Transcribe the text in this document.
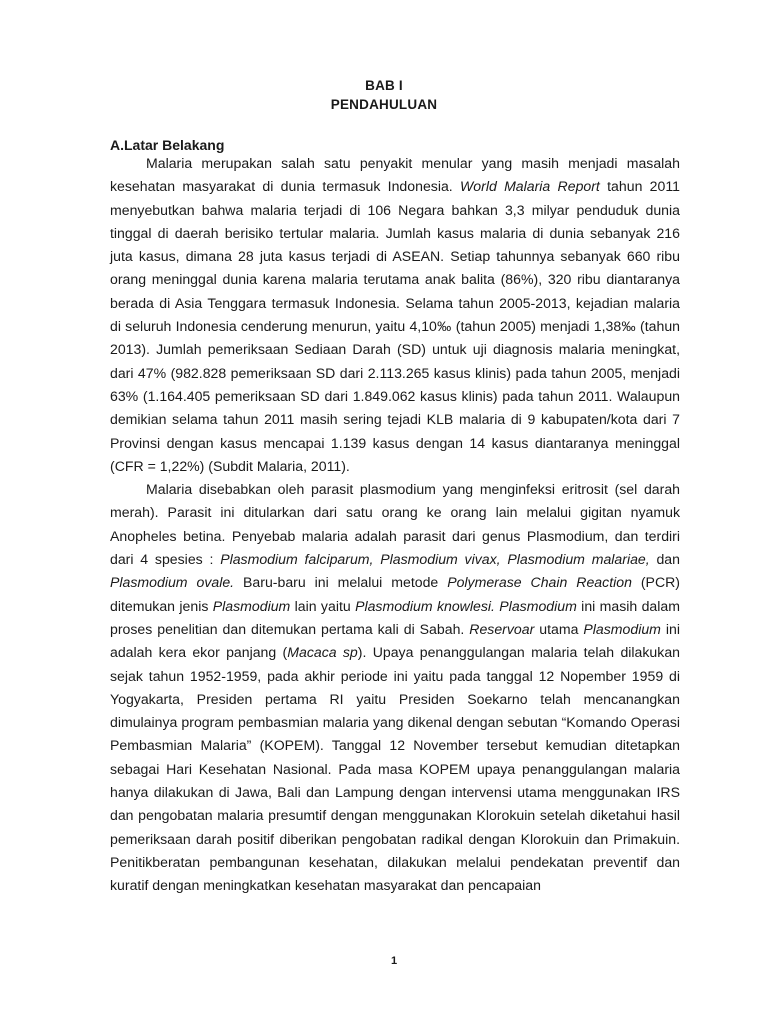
BAB I
PENDAHULUAN
A.Latar Belakang

Malaria merupakan salah satu penyakit menular yang masih menjadi masalah kesehatan masyarakat di dunia termasuk Indonesia. World Malaria Report tahun 2011 menyebutkan bahwa malaria terjadi di 106 Negara bahkan 3,3 milyar penduduk dunia tinggal di daerah berisiko tertular malaria. Jumlah kasus malaria di dunia sebanyak 216 juta kasus, dimana 28 juta kasus terjadi di ASEAN. Setiap tahunnya sebanyak 660 ribu orang meninggal dunia karena malaria terutama anak balita (86%), 320 ribu diantaranya berada di Asia Tenggara termasuk Indonesia. Selama tahun 2005-2013, kejadian malaria di seluruh Indonesia cenderung menurun, yaitu 4,10‰ (tahun 2005) menjadi 1,38‰ (tahun 2013). Jumlah pemeriksaan Sediaan Darah (SD) untuk uji diagnosis malaria meningkat, dari 47% (982.828 pemeriksaan SD dari 2.113.265 kasus klinis) pada tahun 2005, menjadi 63% (1.164.405 pemeriksaan SD dari 1.849.062 kasus klinis) pada tahun 2011. Walaupun demikian selama tahun 2011 masih sering tejadi KLB malaria di 9 kabupaten/kota dari 7 Provinsi dengan kasus mencapai 1.139 kasus dengan 14 kasus diantaranya meninggal (CFR = 1,22%) (Subdit Malaria, 2011).

Malaria disebabkan oleh parasit plasmodium yang menginfeksi eritrosit (sel darah merah). Parasit ini ditularkan dari satu orang ke orang lain melalui gigitan nyamuk Anopheles betina. Penyebab malaria adalah parasit dari genus Plasmodium, dan terdiri dari 4 spesies : Plasmodium falciparum, Plasmodium vivax, Plasmodium malariae, dan Plasmodium ovale. Baru-baru ini melalui metode Polymerase Chain Reaction (PCR) ditemukan jenis Plasmodium lain yaitu Plasmodium knowlesi. Plasmodium ini masih dalam proses penelitian dan ditemukan pertama kali di Sabah. Reservoar utama Plasmodium ini adalah kera ekor panjang (Macaca sp). Upaya penanggulangan malaria telah dilakukan sejak tahun 1952-1959, pada akhir periode ini yaitu pada tanggal 12 Nopember 1959 di Yogyakarta, Presiden pertama RI yaitu Presiden Soekarno telah mencanangkan dimulainya program pembasmian malaria yang dikenal dengan sebutan “Komando Operasi Pembasmian Malaria” (KOPEM). Tanggal 12 November tersebut kemudian ditetapkan sebagai Hari Kesehatan Nasional. Pada masa KOPEM upaya penanggulangan malaria hanya dilakukan di Jawa, Bali dan Lampung dengan intervensi utama menggunakan IRS dan pengobatan malaria presumtif dengan menggunakan Klorokuin setelah diketahui hasil pemeriksaan darah positif diberikan pengobatan radikal dengan Klorokuin dan Primakuin. Penitikberatan pembangunan kesehatan, dilakukan melalui pendekatan preventif dan kuratif dengan meningkatkan kesehatan masyarakat dan pencapaian

1
